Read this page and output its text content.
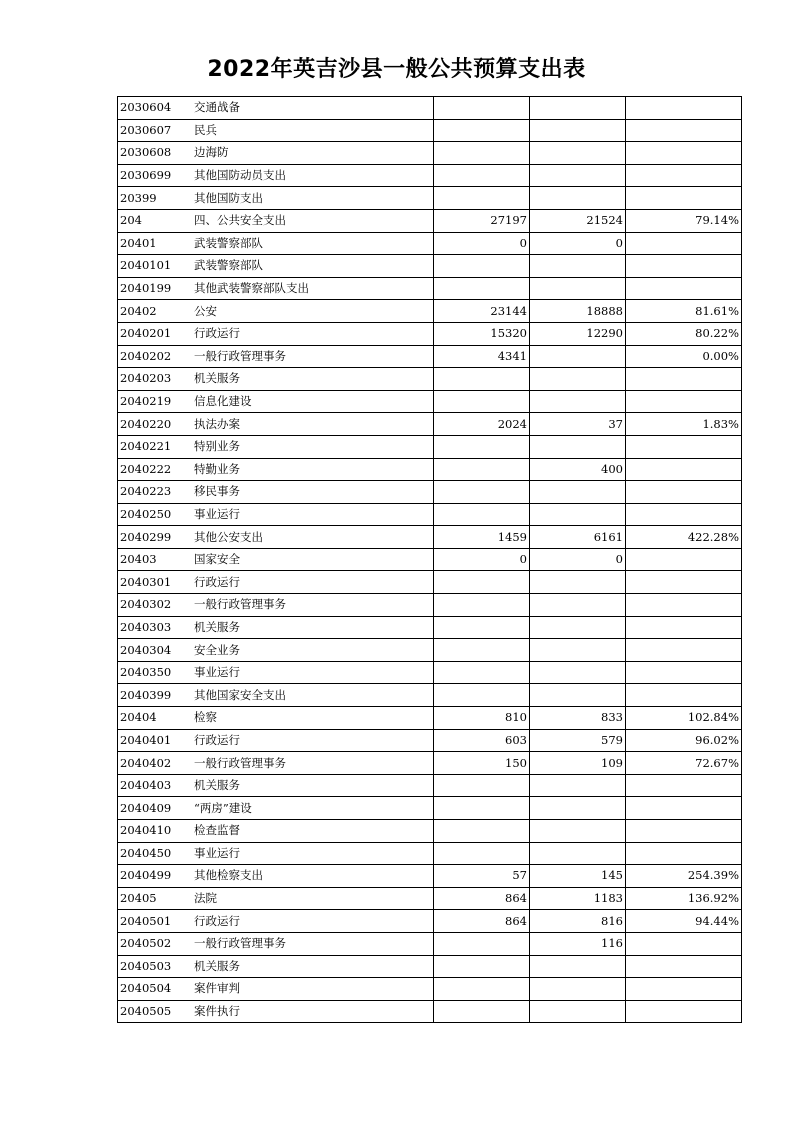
2022年英吉沙县一般公共预算支出表
2030604	交通战备			
2030607	民兵			
2030608	边海防			
2030699	其他国防动员支出			
20399	其他国防支出			
204	四、公共安全支出	27197	21524	79.14%
20401	武装警察部队	0	0	
2040101	武装警察部队			
2040199	其他武装警察部队支出			
20402	公安	23144	18888	81.61%
2040201	行政运行	15320	12290	80.22%
2040202	一般行政管理事务	4341		0.00%
2040203	机关服务			
2040219	信息化建设			
2040220	执法办案	2024	37	1.83%
2040221	特别业务			
2040222	特勤业务		400	
2040223	移民事务			
2040250	事业运行			
2040299	其他公安支出	1459	6161	422.28%
20403	国家安全	0	0	
2040301	行政运行			
2040302	一般行政管理事务			
2040303	机关服务			
2040304	安全业务			
2040350	事业运行			
2040399	其他国家安全支出			
20404	检察	810	833	102.84%
2040401	行政运行	603	579	96.02%
2040402	一般行政管理事务	150	109	72.67%
2040403	机关服务			
2040409	“两房”建设			
2040410	检查监督			
2040450	事业运行			
2040499	其他检察支出	57	145	254.39%
20405	法院	864	1183	136.92%
2040501	行政运行	864	816	94.44%
2040502	一般行政管理事务		116	
2040503	机关服务			
2040504	案件审判			
2040505	案件执行			
